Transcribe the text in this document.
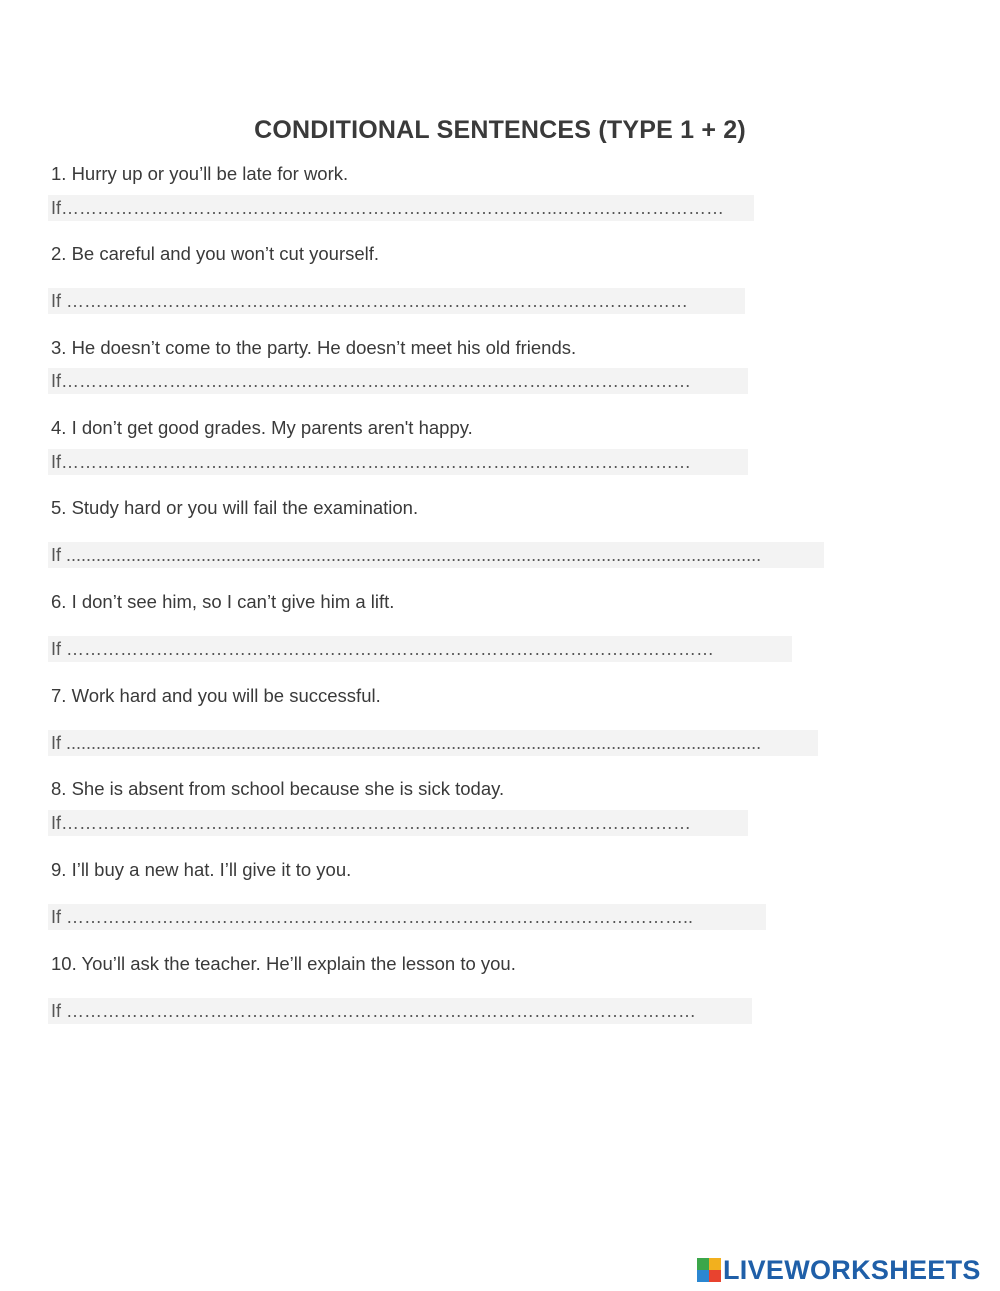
CONDITIONAL SENTENCES (TYPE 1 + 2)
1. Hurry up or you’ll be late for work.
If………………………………………………………………………..……….………………
2. Be careful and you won’t cut yourself.
If ……………………………………………………..……………………………………
3. He doesn’t come to the party. He doesn’t meet his old friends.
If……………………………………………………………………………………………
4. I don’t get good grades. My parents aren't happy.
If……………………………………………………………………………………………
5. Study hard or you will fail the examination.
If ...........................................................................................................................................
6. I don’t see him, so I can’t give him a lift.
If ………………………………………………………………………………………………
7. Work hard and you will be successful.
If ...........................................................................................................................................
8. She is absent from school because she is sick today.
If……………………………………………………………………………………………
9. I’ll buy a new hat. I’ll give it to you.
If ………………………………………………………………………….………………..
10. You’ll ask the teacher. He’ll explain the lesson to you.
If ……………………………………………………………………………………………
LIVEWORKSHEETS
